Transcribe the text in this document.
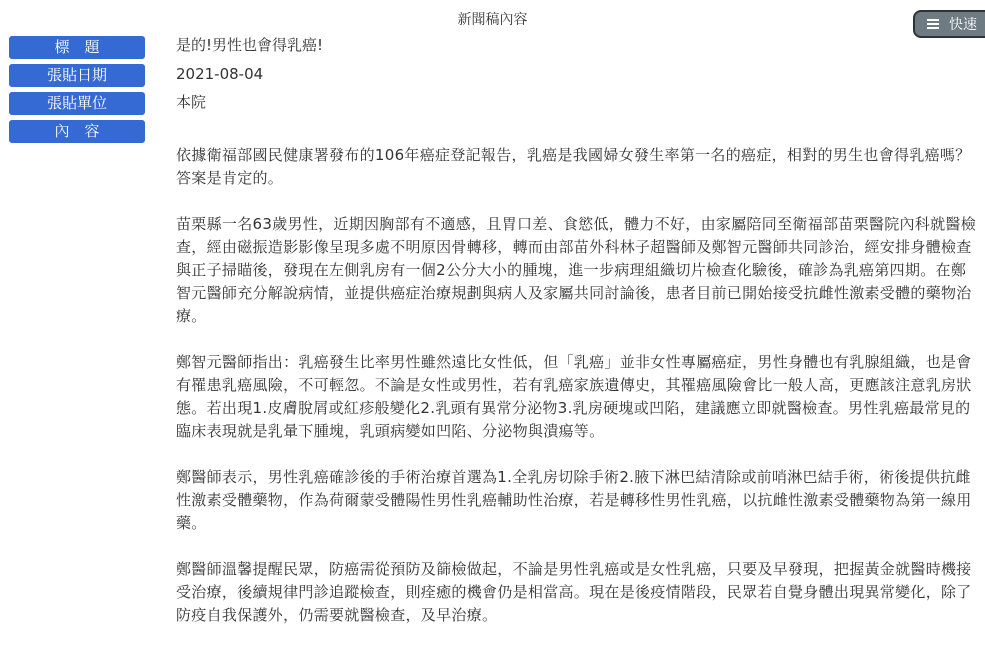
新聞稿內容	快速
標　題	是的!男性也會得乳癌!
張貼日期	2021-08-04
張貼單位	本院
內　容

依據衛福部國民健康署發布的106年癌症登記報告，乳癌是我國婦女發生率第一名的癌症，相對的男生也會得乳癌嗎？答案是肯定的。

苗栗縣一名63歲男性，近期因胸部有不適感，且胃口差、食慾低，體力不好，由家屬陪同至衛福部苗栗醫院內科就醫檢查，經由磁振造影影像呈現多處不明原因骨轉移，轉而由部苗外科林子超醫師及鄭智元醫師共同診治，經安排身體檢查與正子掃瞄後，發現在左側乳房有一個2公分大小的腫塊，進一步病理組織切片檢查化驗後，確診為乳癌第四期。在鄭智元醫師充分解說病情，並提供癌症治療規劃與病人及家屬共同討論後，患者目前已開始接受抗雌性激素受體的藥物治療。

鄭智元醫師指出：乳癌發生比率男性雖然遠比女性低，但「乳癌」並非女性專屬癌症，男性身體也有乳腺組織，也是會有罹患乳癌風險，不可輕忽。不論是女性或男性，若有乳癌家族遺傳史，其罹癌風險會比一般人高，更應該注意乳房狀態。若出現1.皮膚脫屑或紅疹般變化2.乳頭有異常分泌物3.乳房硬塊或凹陷，建議應立即就醫檢查。男性乳癌最常見的臨床表現就是乳暈下腫塊，乳頭病變如凹陷、分泌物與潰瘍等。

鄭醫師表示，男性乳癌確診後的手術治療首選為1.全乳房切除手術2.腋下淋巴結清除或前哨淋巴結手術，術後提供抗雌性激素受體藥物，作為荷爾蒙受體陽性男性乳癌輔助性治療，若是轉移性男性乳癌，以抗雌性激素受體藥物為第一線用藥。

鄭醫師溫馨提醒民眾，防癌需從預防及篩檢做起，不論是男性乳癌或是女性乳癌，只要及早發現，把握黃金就醫時機接受治療，後續規律門診追蹤檢查，則痊癒的機會仍是相當高。現在是後疫情階段，民眾若自覺身體出現異常變化，除了防疫自我保護外，仍需要就醫檢查，及早治療。
